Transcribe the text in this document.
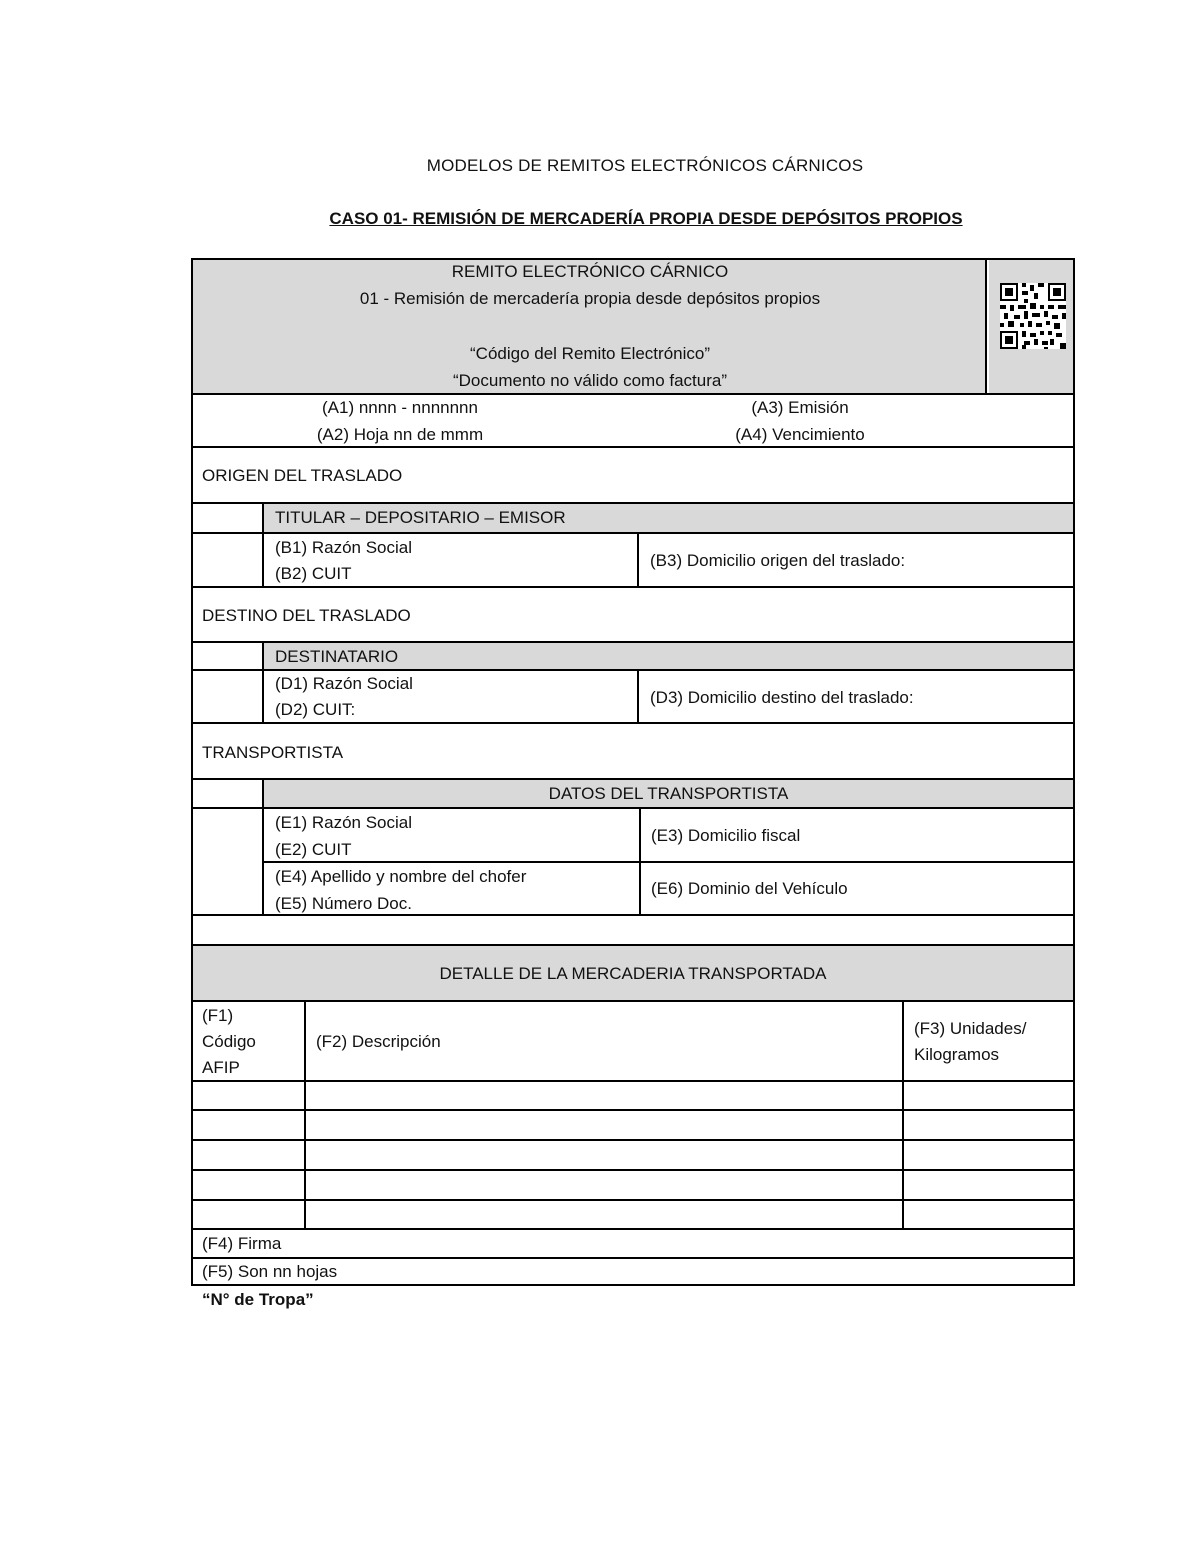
MODELOS DE REMITOS ELECTRÓNICOS CÁRNICOS
CASO 01- REMISIÓN DE MERCADERÍA PROPIA DESDE DEPÓSITOS PROPIOS
REMITO ELECTRÓNICO CÁRNICO
01 - Remisión de mercadería propia desde depósitos propios
“Código del Remito Electrónico”
“Documento no válido como factura”
(A1) nnnn - nnnnnnn
(A2) Hoja nn de mmm
(A3) Emisión
(A4) Vencimiento
ORIGEN DEL TRASLADO
TITULAR – DEPOSITARIO – EMISOR
(B1) Razón Social
(B2) CUIT
(B3) Domicilio origen del traslado:
DESTINO DEL TRASLADO
DESTINATARIO
(D1) Razón Social
(D2) CUIT:
(D3) Domicilio destino del traslado:
TRANSPORTISTA
DATOS DEL TRANSPORTISTA
(E1) Razón Social
(E2) CUIT
(E3) Domicilio fiscal
(E4) Apellido y nombre del chofer
(E5) Número Doc.
(E6) Dominio del Vehículo
DETALLE DE LA MERCADERIA TRANSPORTADA
(F1)
Código
AFIP
(F2) Descripción
(F3) Unidades/
Kilogramos
(F4) Firma
(F5) Son nn hojas
“N° de Tropa”
